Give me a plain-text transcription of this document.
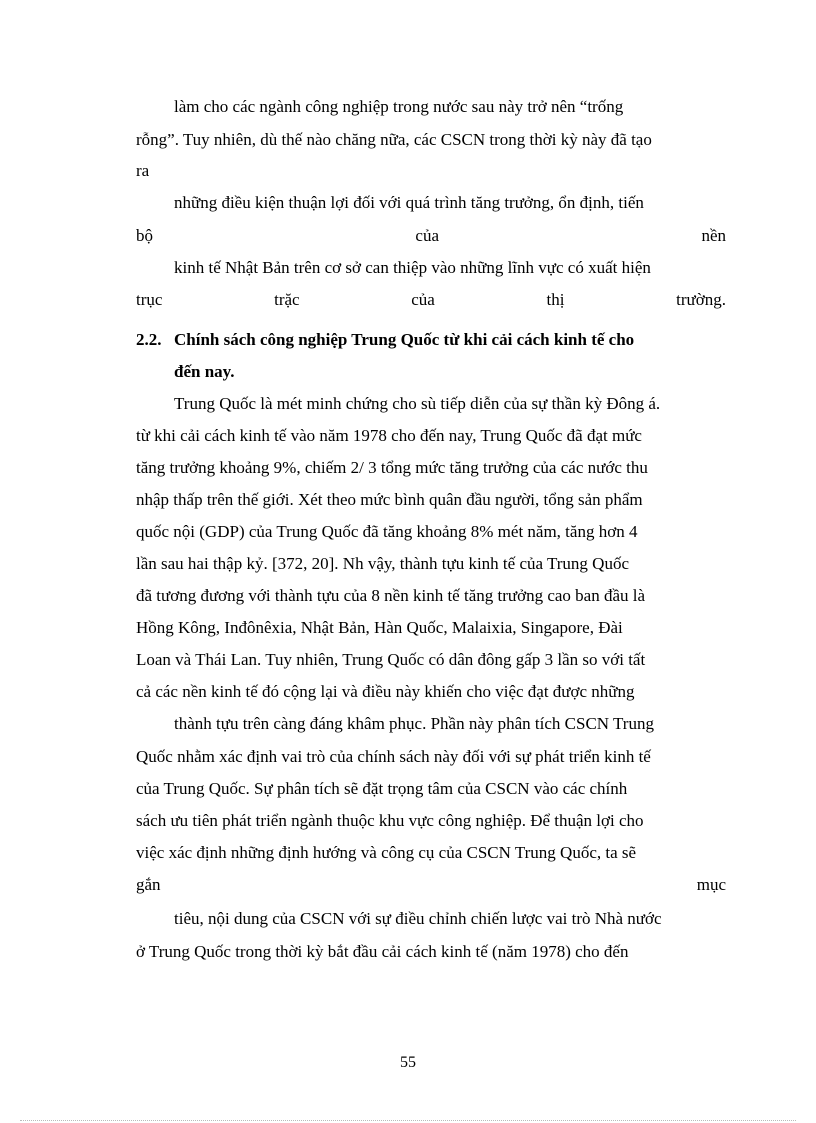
làm cho các ngành công nghiệp trong nước sau này trở nên “trống
rỗng”. Tuy nhiên, dù thế nào chăng nữa, các CSCN trong thời kỳ này đã tạo
ra
những điều kiện thuận lợi đối với quá trình tăng trưởng, ổn định, tiến
bộ	của	nền
kinh tế Nhật Bản trên cơ sở can thiệp vào những lĩnh vực có xuất hiện
trục	trặc	của	thị	trường.
2.2. Chính sách công nghiệp Trung Quốc từ khi cải cách kinh tế cho
đến nay.
Trung Quốc là mét minh chứng cho sù tiếp diễn của sự thần kỳ Đông á.
từ khi cải cách kinh tế vào năm 1978 cho đến nay, Trung Quốc đã đạt mức
tăng trưởng khoảng 9%, chiếm 2/ 3 tổng mức tăng trưởng của các nước thu
nhập thấp trên thế giới. Xét theo mức bình quân đầu người, tổng sản phẩm
quốc nội (GDP) của Trung Quốc đã tăng khoảng 8% mét năm, tăng hơn 4
lần sau hai thập kỷ. [372, 20]. Nh vậy, thành tựu kinh tế của Trung Quốc
đã tương đương với thành tựu của 8 nền kinh tế tăng trưởng cao ban đầu là
Hồng Kông, Inđônêxia, Nhật Bản, Hàn Quốc, Malaixia, Singapore, Đài
Loan và Thái Lan. Tuy nhiên, Trung Quốc có dân đông gấp 3 lần so với tất
cả các nền kinh tế đó cộng lại và điều này khiến cho việc đạt được những
thành tựu trên càng đáng khâm phục. Phần này phân tích CSCN Trung
Quốc nhằm xác định vai trò của chính sách này đối với sự phát triển kinh tế
của Trung Quốc. Sự phân tích sẽ đặt trọng tâm của CSCN vào các chính
sách ưu tiên phát triển ngành thuộc khu vực công nghiệp. Để thuận lợi cho
việc xác định những định hướng và công cụ của CSCN Trung Quốc, ta sẽ
gắn	mục
tiêu, nội dung của CSCN với sự điều chỉnh chiến lược vai trò Nhà nước
ở Trung Quốc trong thời kỳ bắt đầu cải cách kinh tế (năm 1978) cho đến
55
